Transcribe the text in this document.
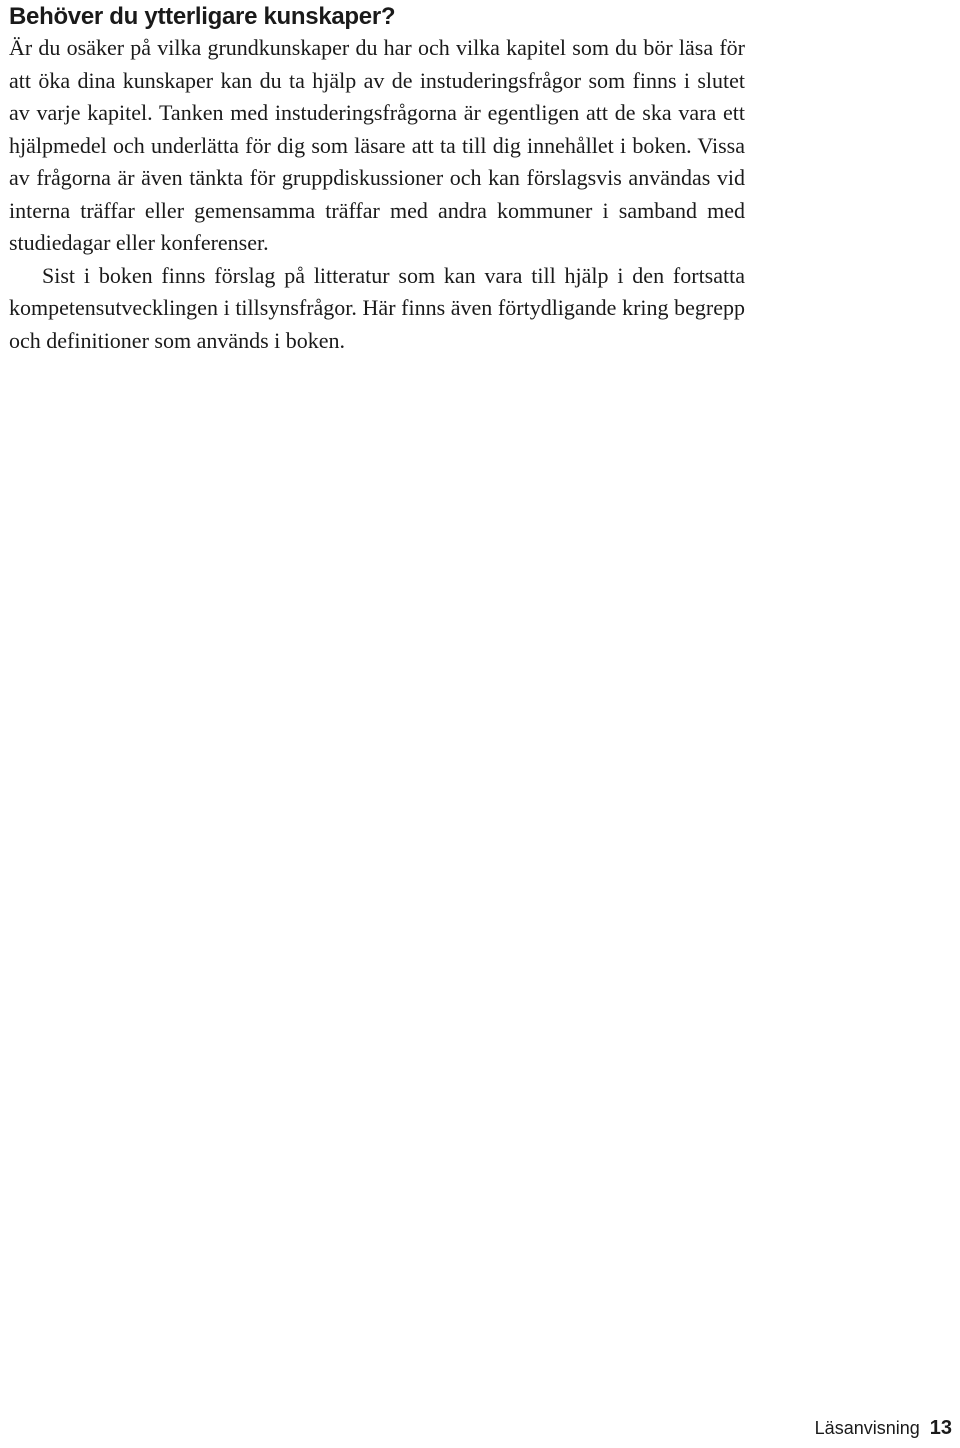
Behöver du ytterligare kunskaper?

Är du osäker på vilka grundkunskaper du har och vilka kapitel som du bör läsa för att öka dina kunskaper kan du ta hjälp av de instuderingsfrågor som finns i slutet av varje kapitel. Tanken med instuderingsfrågorna är egentligen att de ska vara ett hjälpmedel och underlätta för dig som läsare att ta till dig innehållet i boken. Vissa av frågorna är även tänkta för gruppdiskussioner och kan förslagsvis användas vid interna träffar eller gemensamma träffar med andra kommuner i samband med studiedagar eller konferenser.

Sist i boken finns förslag på litteratur som kan vara till hjälp i den fortsatta kompetensutvecklingen i tillsynsfrågor. Här finns även förtydligande kring begrepp och definitioner som används i boken.

Läsanvisning 13
